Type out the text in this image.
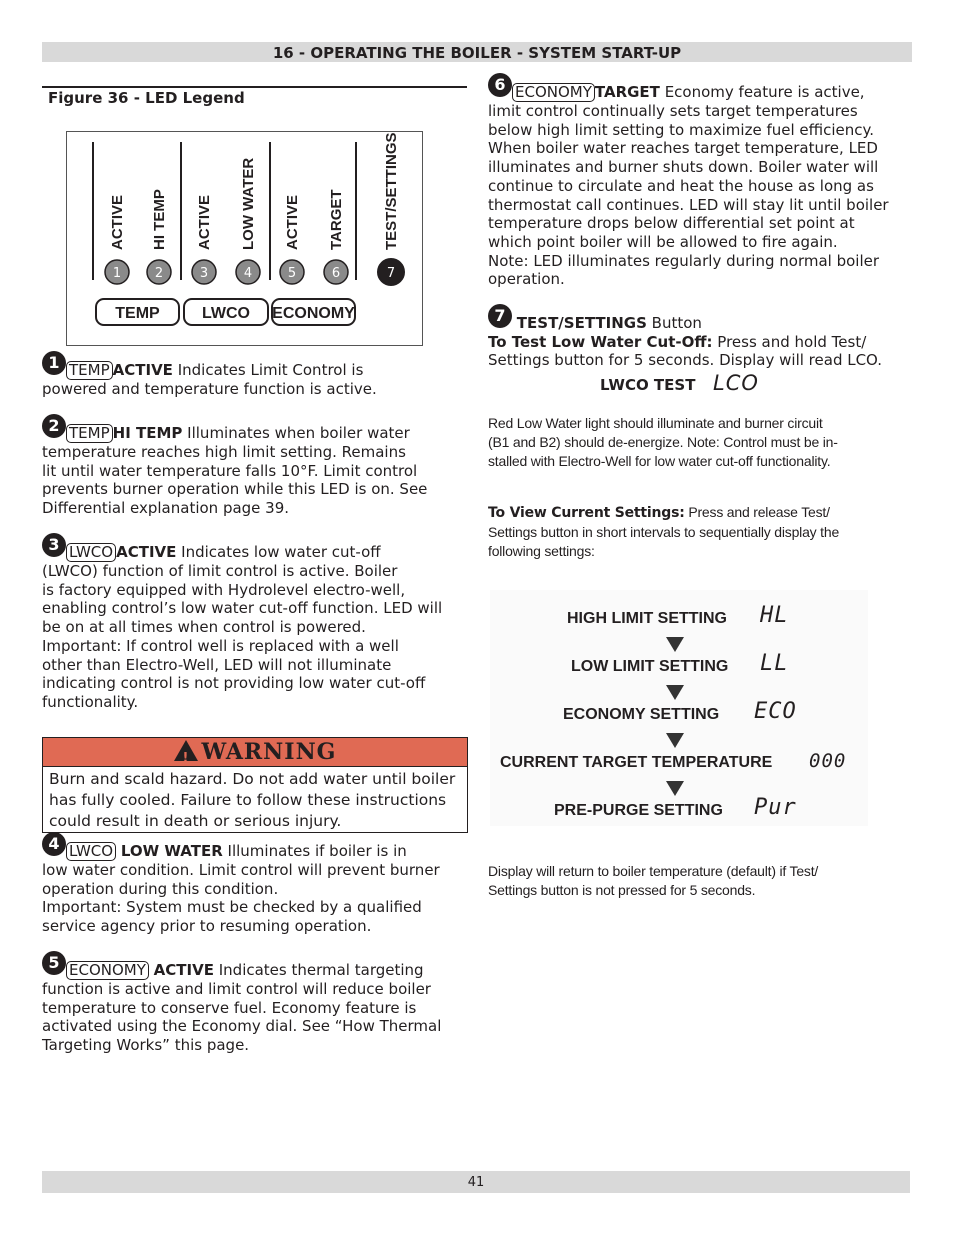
16 - OPERATING THE BOILER - SYSTEM START-UP
Figure 36 - LED Legend
ACTIVE HI TEMP ACTIVE LOW WATER ACTIVE TARGET	TEST/SETTINGS
1	2	3	4	5	6	7
TEMP	LWCO ECONOMY
1 TEMP ACTIVE Indicates Limit Control is
powered and temperature function is active.
2 TEMP HI TEMP Illuminates when boiler water
temperature reaches high limit setting. Remains
lit until water temperature falls 10°F. Limit control
prevents burner operation while this LED is on. See
Differential explanation page 39.
3 LWCO ACTIVE Indicates low water cut-off
(LWCO) function of limit control is active. Boiler
is factory equipped with Hydrolevel electro-well,
enabling control’s low water cut-off function. LED will
be on at all times when control is powered.
Important: If control well is replaced with a well
other than Electro-Well, LED will not illuminate
indicating control is not providing low water cut-off
functionality.
!WARNING
Burn and scald hazard. Do not add water until boiler
has fully cooled. Failure to follow these instructions
could result in death or serious injury.
4 LWCO LOW WATER Illuminates if boiler is in
low water condition. Limit control will prevent burner
operation during this condition.
Important: System must be checked by a qualified
service agency prior to resuming operation.
5 ECONOMY ACTIVE Indicates thermal targeting
function is active and limit control will reduce boiler
temperature to conserve fuel. Economy feature is
activated using the Economy dial. See “How Thermal
Targeting Works” this page.
6 ECONOMY TARGET Economy feature is active,
limit control continually sets target temperatures
below high limit setting to maximize fuel efficiency.
When boiler water reaches target temperature, LED
illuminates and burner shuts down. Boiler water will
continue to circulate and heat the house as long as
thermostat call continues. LED will stay lit until boiler
temperature drops below differential set point at
which point boiler will be allowed to fire again.
Note: LED illuminates regularly during normal boiler
operation.
7 TEST/SETTINGS Button
To Test Low Water Cut-Off: Press and hold Test/
Settings button for 5 seconds. Display will read LCO.
LWCO TEST LCO
Red Low Water light should illuminate and burner circuit
(B1 and B2) should de-energize. Note: Control must be in-
stalled with Electro-Well for low water cut-off functionality.
To View Current Settings: Press and release Test/
Settings button in short intervals to sequentially display the
following settings:
HIGH LIMIT SETTING HL
LOW LIMIT SETTING LL
ECONOMY SETTING ECO
CURRENT TARGET TEMPERATURE 000
PRE-PURGE SETTING Pur
Display will return to boiler temperature (default) if Test/
Settings button is not pressed for 5 seconds.
41
